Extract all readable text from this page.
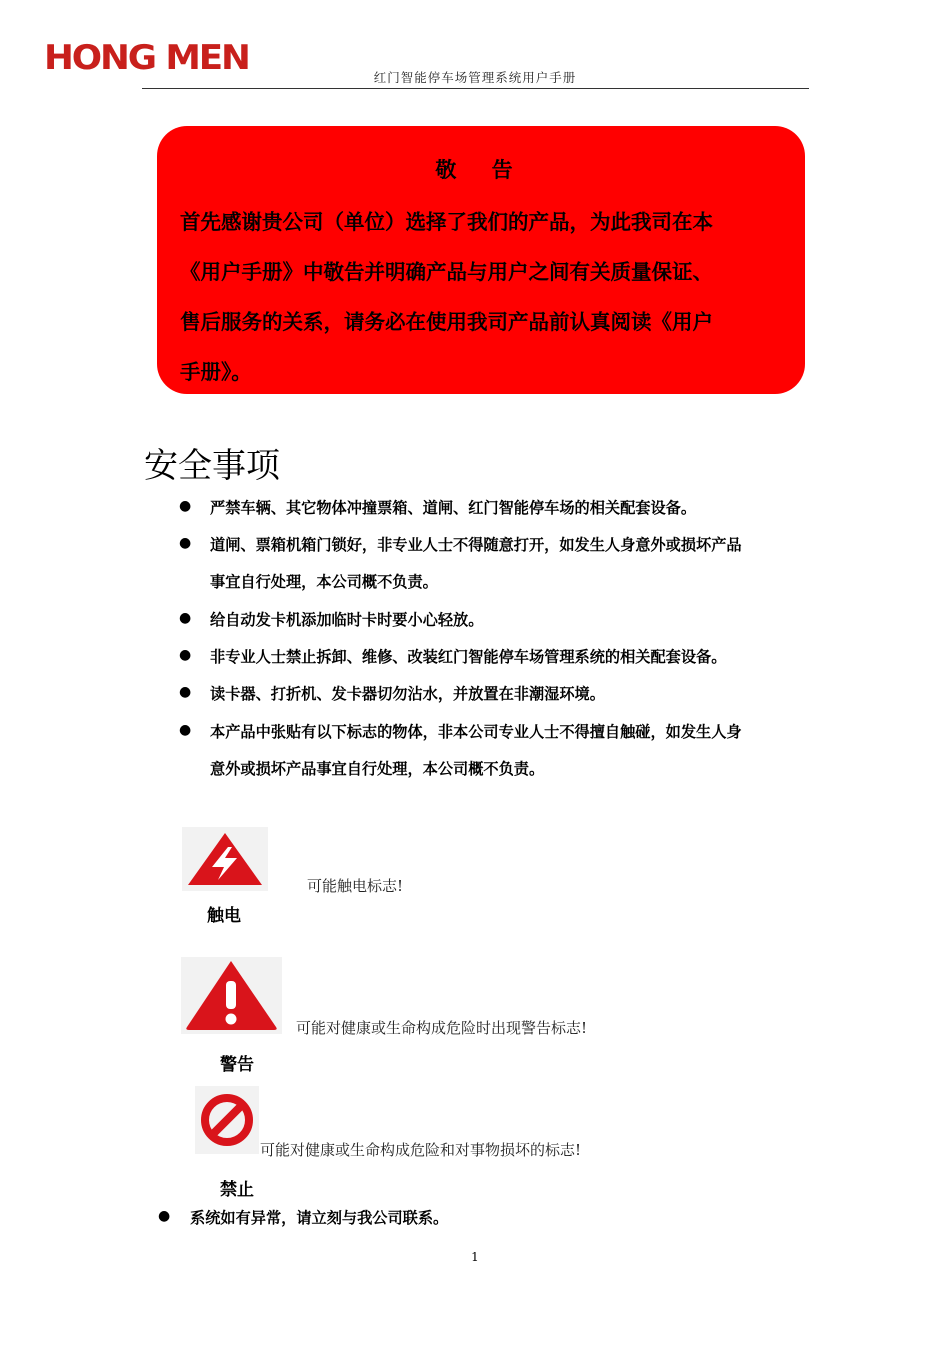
HONG MEN	红门智能停车场管理系统用户手册
敬 告
首先感谢贵公司（单位）选择了我们的产品，为此我司在本
《用户手册》中敬告并明确产品与用户之间有关质量保证、
售后服务的关系，请务必在使用我司产品前认真阅读《用户
手册》。
安全事项
● 严禁车辆、其它物体冲撞票箱、道闸、红门智能停车场的相关配套设备。
● 道闸、票箱机箱门锁好，非专业人士不得随意打开，如发生人身意外或损坏产品
事宜自行处理，本公司概不负责。
● 给自动发卡机添加临时卡时要小心轻放。
● 非专业人士禁止拆卸、维修、改装红门智能停车场管理系统的相关配套设备。
● 读卡器、打折机、发卡器切勿沾水，并放置在非潮湿环境。
● 本产品中张贴有以下标志的物体，非本公司专业人士不得擅自触碰，如发生人身
意外或损坏产品事宜自行处理，本公司概不负责。
触电
可能触电标志!
警告
可能对健康或生命构成危险时出现警告标志!
禁止
可能对健康或生命构成危险和对事物损坏的标志!
● 系统如有异常，请立刻与我公司联系。
1
